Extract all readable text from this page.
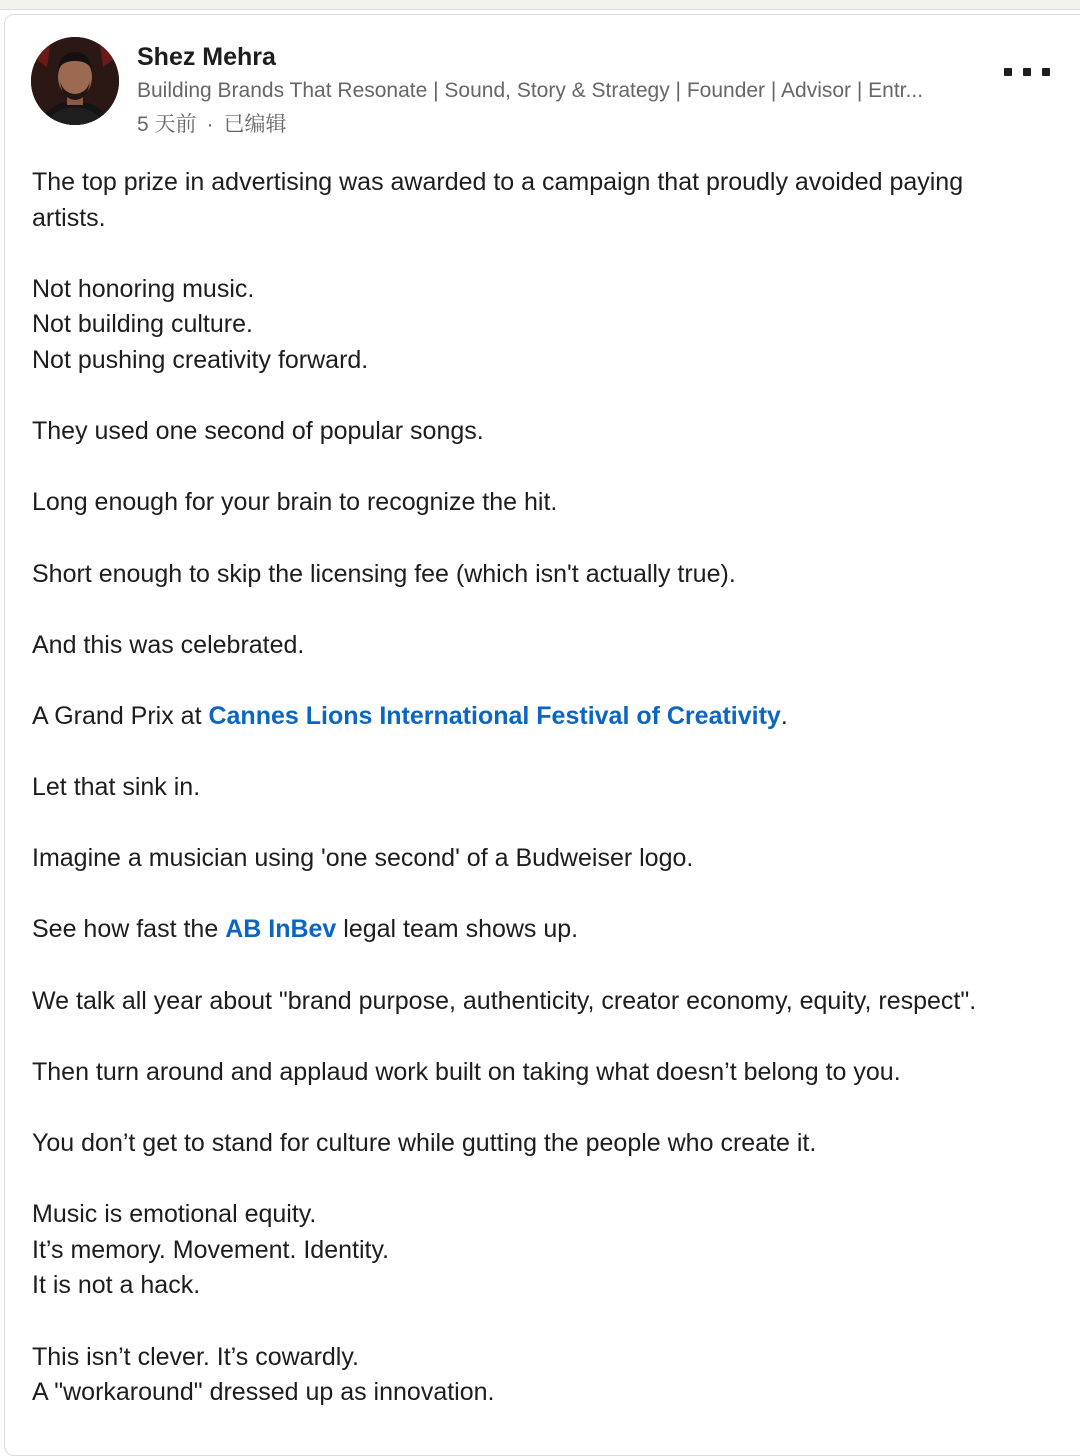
Shez Mehra
Building Brands That Resonate | Sound, Story & Strategy | Founder | Advisor | Entr...
5 天前 · 已编辑

The top prize in advertising was awarded to a campaign that proudly avoided paying
artists.

Not honoring music.
Not building culture.
Not pushing creativity forward.

They used one second of popular songs.

Long enough for your brain to recognize the hit.

Short enough to skip the licensing fee (which isn't actually true).

And this was celebrated.

A Grand Prix at Cannes Lions International Festival of Creativity.

Let that sink in.

Imagine a musician using 'one second' of a Budweiser logo.

See how fast the AB InBev legal team shows up.

We talk all year about "brand purpose, authenticity, creator economy, equity, respect".

Then turn around and applaud work built on taking what doesn’t belong to you.

You don’t get to stand for culture while gutting the people who create it.

Music is emotional equity.
It’s memory. Movement. Identity.
It is not a hack.

This isn’t clever. It’s cowardly.
A "workaround" dressed up as innovation.
